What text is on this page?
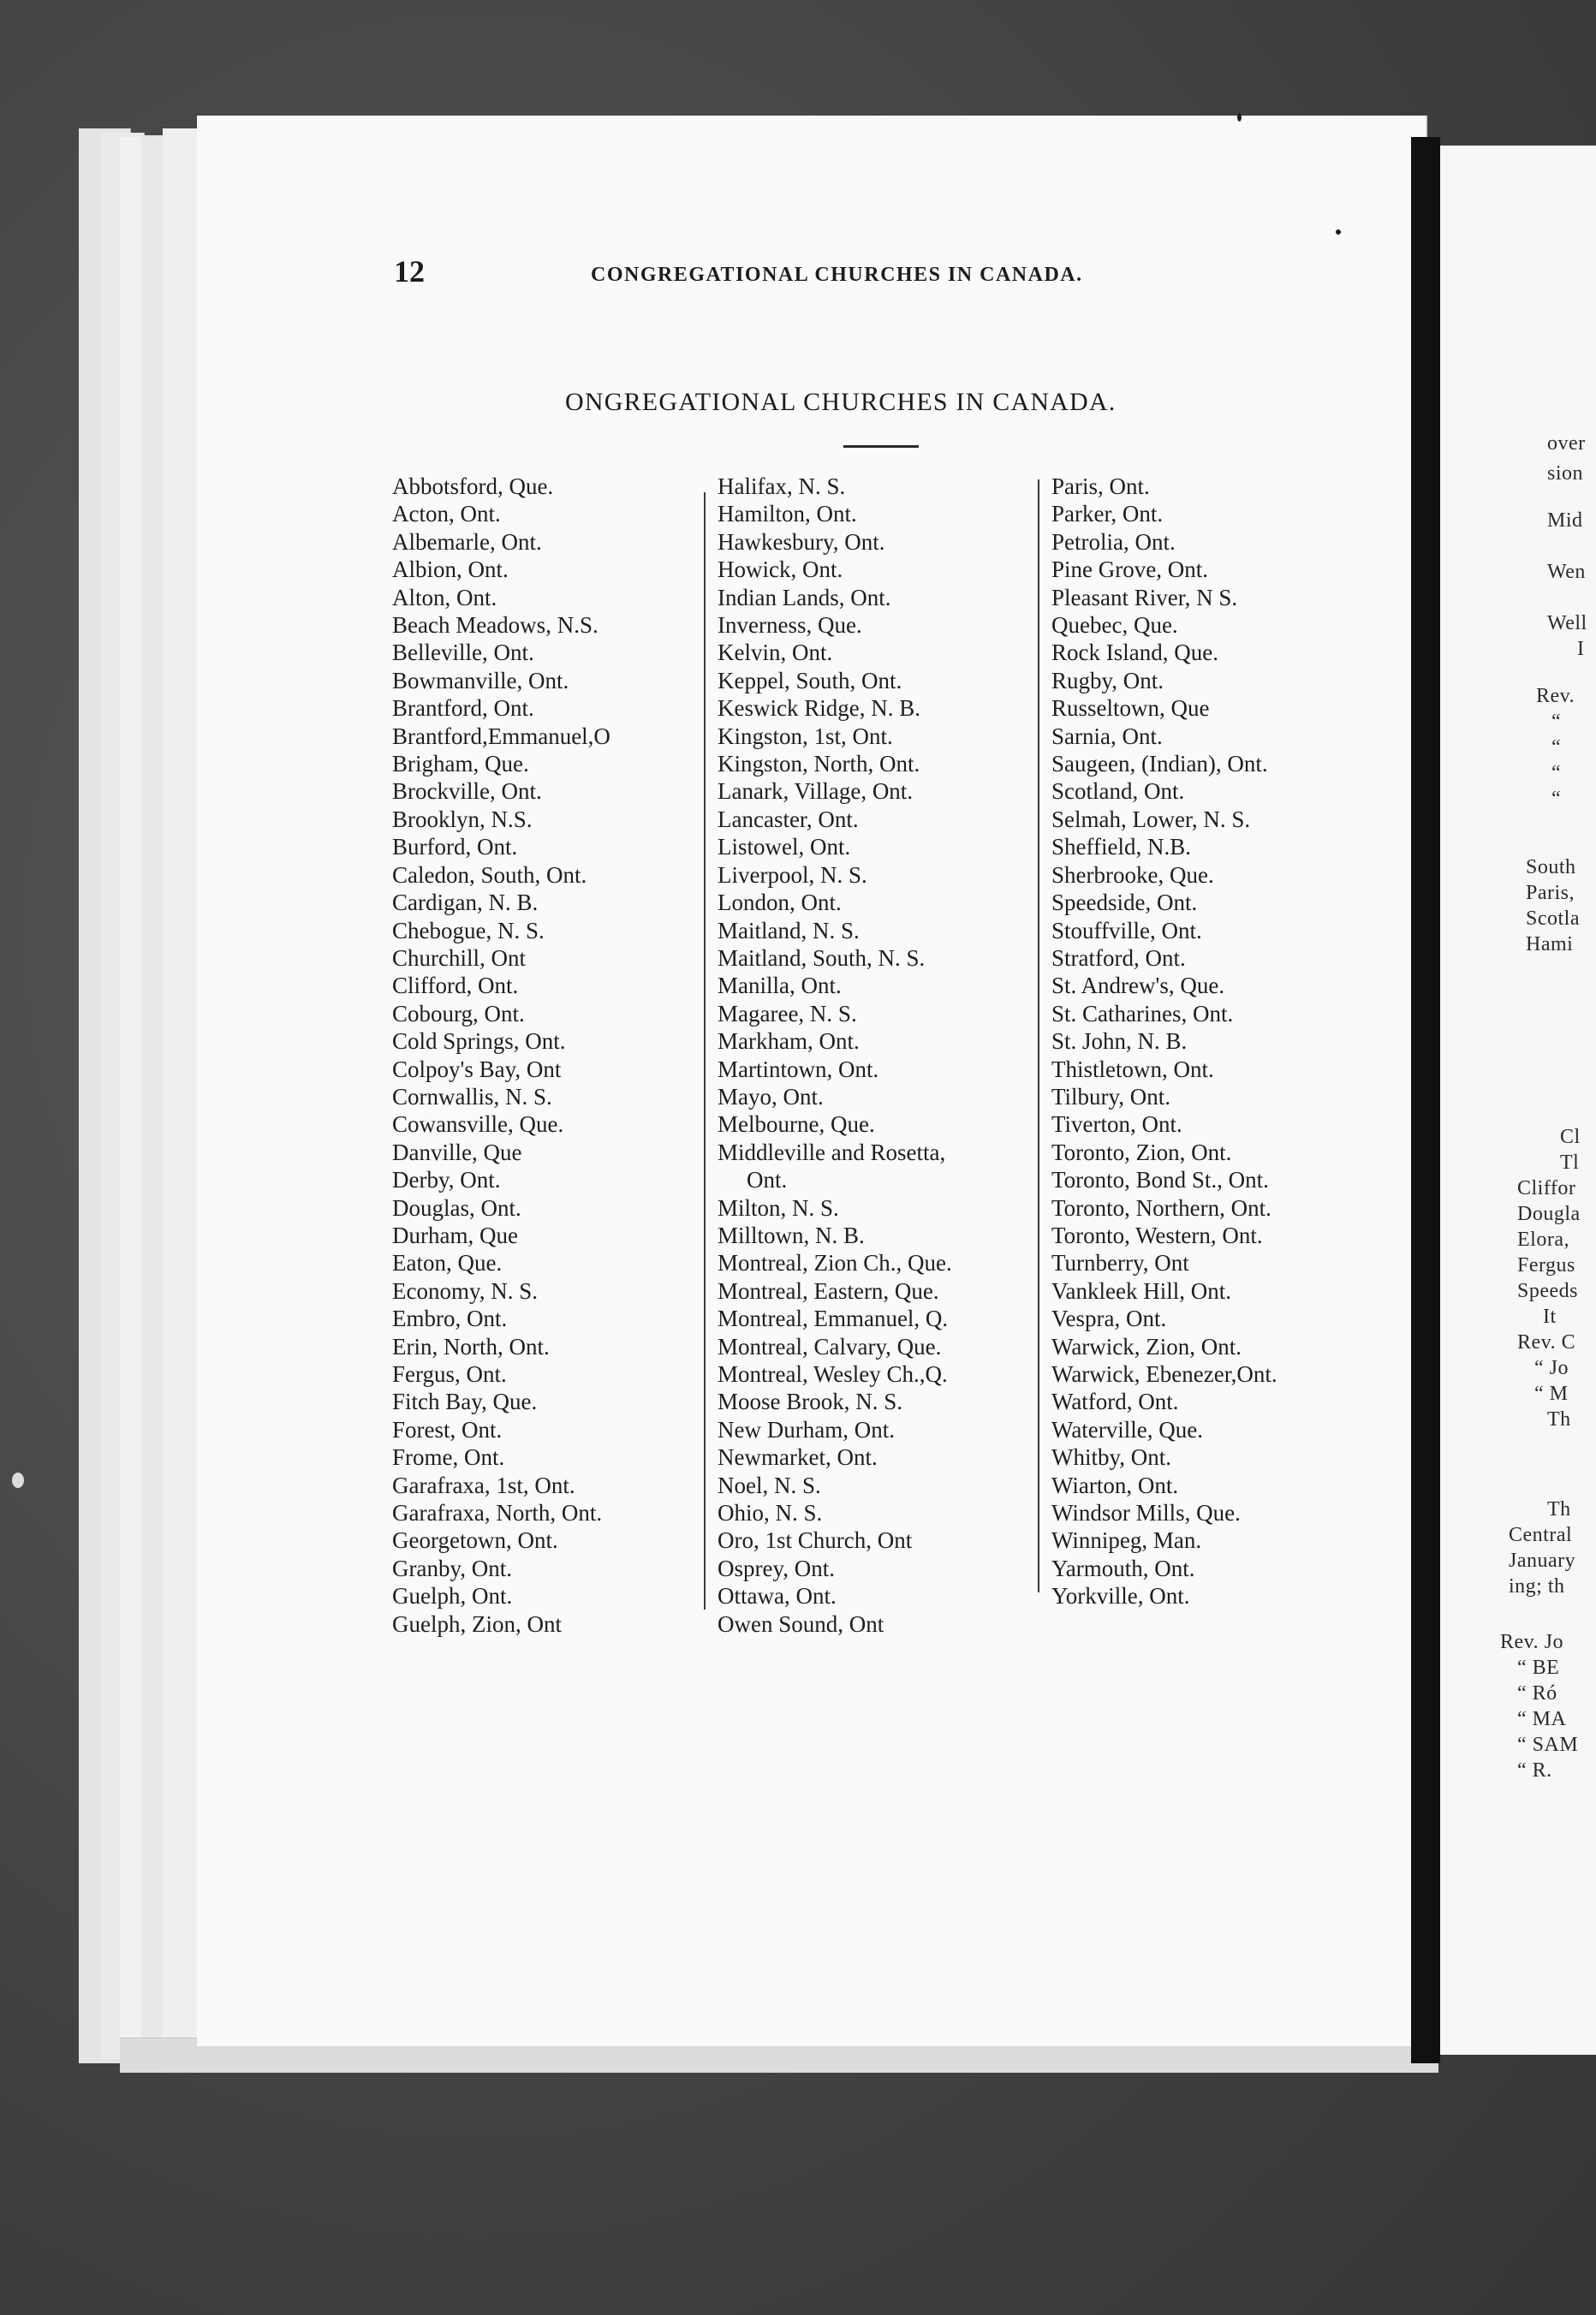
over
sion
Mid
Wen
Well
I
Rev.
“
“
“
“
South
Paris,
Scotla
Hami
Cl
Tl
Cliffor
Dougla
Elora,
Fergus
Speeds
It
Rev. C
“ Jo
“ M
Th
Th
Central
January
ing; th
Rev. Jo
“ BE
“ Ró
“ MA
“ SAM
“ R.
12	CONGREGATIONAL CHURCHES IN CANADA.
ONGREGATIONAL CHURCHES IN CANADA.
Abbotsford, Que.
Acton, Ont.
Albemarle, Ont.
Albion, Ont.
Alton, Ont.
Beach Meadows, N.S.
Belleville, Ont.
Bowmanville, Ont.
Brantford, Ont.
Brantford,Emmanuel,O
Brigham, Que.
Brockville, Ont.
Brooklyn, N.S.
Burford, Ont.
Caledon, South, Ont.
Cardigan, N. B.
Chebogue, N. S.
Churchill, Ont
Clifford, Ont.
Cobourg, Ont.
Cold Springs, Ont.
Colpoy's Bay, Ont
Cornwallis, N. S.
Cowansville, Que.
Danville, Que
Derby, Ont.
Douglas, Ont.
Durham, Que
Eaton, Que.
Economy, N. S.
Embro, Ont.
Erin, North, Ont.
Fergus, Ont.
Fitch Bay, Que.
Forest, Ont.
Frome, Ont.
Garafraxa, 1st, Ont.
Garafraxa, North, Ont.
Georgetown, Ont.
Granby, Ont.
Guelph, Ont.
Guelph, Zion, Ont
Halifax, N. S.
Hamilton, Ont.
Hawkesbury, Ont.
Howick, Ont.
Indian Lands, Ont.
Inverness, Que.
Kelvin, Ont.
Keppel, South, Ont.
Keswick Ridge, N. B.
Kingston, 1st, Ont.
Kingston, North, Ont.
Lanark, Village, Ont.
Lancaster, Ont.
Listowel, Ont.
Liverpool, N. S.
London, Ont.
Maitland, N. S.
Maitland, South, N. S.
Manilla, Ont.
Magaree, N. S.
Markham, Ont.
Martintown, Ont.
Mayo, Ont.
Melbourne, Que.
Middleville and Rosetta,
Ont.
Milton, N. S.
Milltown, N. B.
Montreal, Zion Ch., Que.
Montreal, Eastern, Que.
Montreal, Emmanuel, Q.
Montreal, Calvary, Que.
Montreal, Wesley Ch.,Q.
Moose Brook, N. S.
New Durham, Ont.
Newmarket, Ont.
Noel, N. S.
Ohio, N. S.
Oro, 1st Church, Ont
Osprey, Ont.
Ottawa, Ont.
Owen Sound, Ont
Paris, Ont.
Parker, Ont.
Petrolia, Ont.
Pine Grove, Ont.
Pleasant River, N S.
Quebec, Que.
Rock Island, Que.
Rugby, Ont.
Russeltown, Que
Sarnia, Ont.
Saugeen, (Indian), Ont.
Scotland, Ont.
Selmah, Lower, N. S.
Sheffield, N.B.
Sherbrooke, Que.
Speedside, Ont.
Stouffville, Ont.
Stratford, Ont.
St. Andrew's, Que.
St. Catharines, Ont.
St. John, N. B.
Thistletown, Ont.
Tilbury, Ont.
Tiverton, Ont.
Toronto, Zion, Ont.
Toronto, Bond St., Ont.
Toronto, Northern, Ont.
Toronto, Western, Ont.
Turnberry, Ont
Vankleek Hill, Ont.
Vespra, Ont.
Warwick, Zion, Ont.
Warwick, Ebenezer,Ont.
Watford, Ont.
Waterville, Que.
Whitby, Ont.
Wiarton, Ont.
Windsor Mills, Que.
Winnipeg, Man.
Yarmouth, Ont.
Yorkville, Ont.
